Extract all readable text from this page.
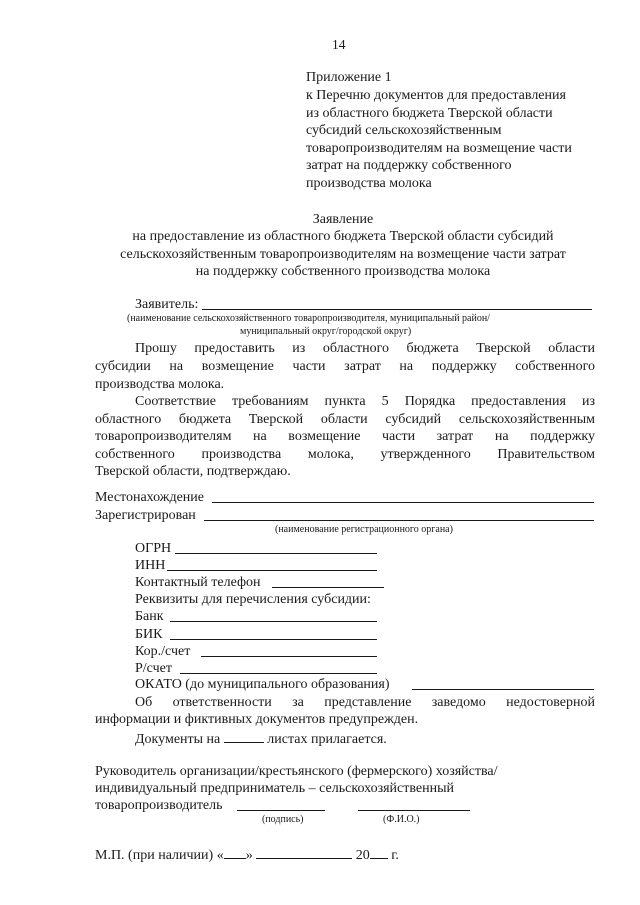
14
Приложение 1
к Перечню документов для предоставления
из областного бюджета Тверской области
субсидий сельскохозяйственным
товаропроизводителям на возмещение части
затрат на поддержку собственного
производства молока
Заявление
на предоставление из областного бюджета Тверской области субсидий
сельскохозяйственным товаропроизводителям на возмещение части затрат
на поддержку собственного производства молока
Заявитель:
(наименование сельскохозяйственного товаропроизводителя, муниципальный район/
муниципальный округ/городской округ)
Прошу предоставить из областного бюджета Тверской области
субсидии на возмещение части затрат на поддержку собственного
производства молока.
Соответствие требованиям пункта 5 Порядка предоставления из
областного бюджета Тверской области субсидий сельскохозяйственным
товаропроизводителям на возмещение части затрат на поддержку
собственного производства молока, утвержденного Правительством
Тверской области, подтверждаю.
Местонахождение
Зарегистрирован
(наименование регистрационного органа)
ОГРН
ИНН
Контактный телефон
Реквизиты для перечисления субсидии:
Банк
БИК
Кор./счет
Р/счет
ОКАТО (до муниципального образования)
Об ответственности за представление заведомо недостоверной
информации и фиктивных документов предупрежден.
Документы на	листах прилагается.
Руководитель организации/крестьянского (фермерского) хозяйства/
индивидуальный предприниматель – сельскохозяйственный
товаропроизводитель
(подпись)	(Ф.И.О.)
М.П. (при наличии) « »	20 г.
